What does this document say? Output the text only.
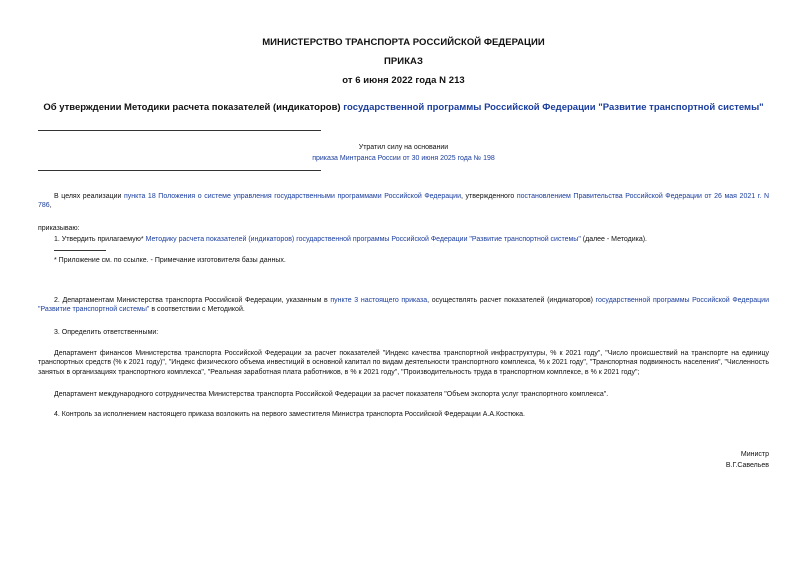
МИНИСТЕРСТВО ТРАНСПОРТА РОССИЙСКОЙ ФЕДЕРАЦИИ
ПРИКАЗ
от 6 июня 2022 года N 213
Об утверждении Методики расчета показателей (индикаторов) государственной программы Российской Федерации "Развитие транспортной системы"
Утратил силу на основании
приказа Минтранса России от 30 июня 2025 года № 198
В целях реализации пункта 18 Положения о системе управления государственными программами Российской Федерации, утвержденного постановлением Правительства Российской Федерации от 26 мая 2021 г. N 786,
приказываю:
1. Утвердить прилагаемую* Методику расчета показателей (индикаторов) государственной программы Российской Федерации "Развитие транспортной системы" (далее - Методика).
* Приложение см. по ссылке. - Примечание изготовителя базы данных.
2. Департаментам Министерства транспорта Российской Федерации, указанным в пункте 3 настоящего приказа, осуществлять расчет показателей (индикаторов) государственной программы Российской Федерации "Развитие транспортной системы" в соответствии с Методикой.
3. Определить ответственными:
Департамент финансов Министерства транспорта Российской Федерации за расчет показателей "Индекс качества транспортной инфраструктуры, % к 2021 году", "Число происшествий на транспорте на единицу транспортных средств (% к 2021 году)", "Индекс физического объема инвестиций в основной капитал по видам деятельности транспортного комплекса, % к 2021 году", "Транспортная подвижность населения", "Численность занятых в организациях транспортного комплекса", "Реальная заработная плата работников, в % к 2021 году", "Производительность труда в транспортном комплексе, в % к 2021 году";
Департамент международного сотрудничества Министерства транспорта Российской Федерации за расчет показателя "Объем экспорта услуг транспортного комплекса".
4. Контроль за исполнением настоящего приказа возложить на первого заместителя Министра транспорта Российской Федерации А.А.Костюка.
Министр
В.Г.Савельев
